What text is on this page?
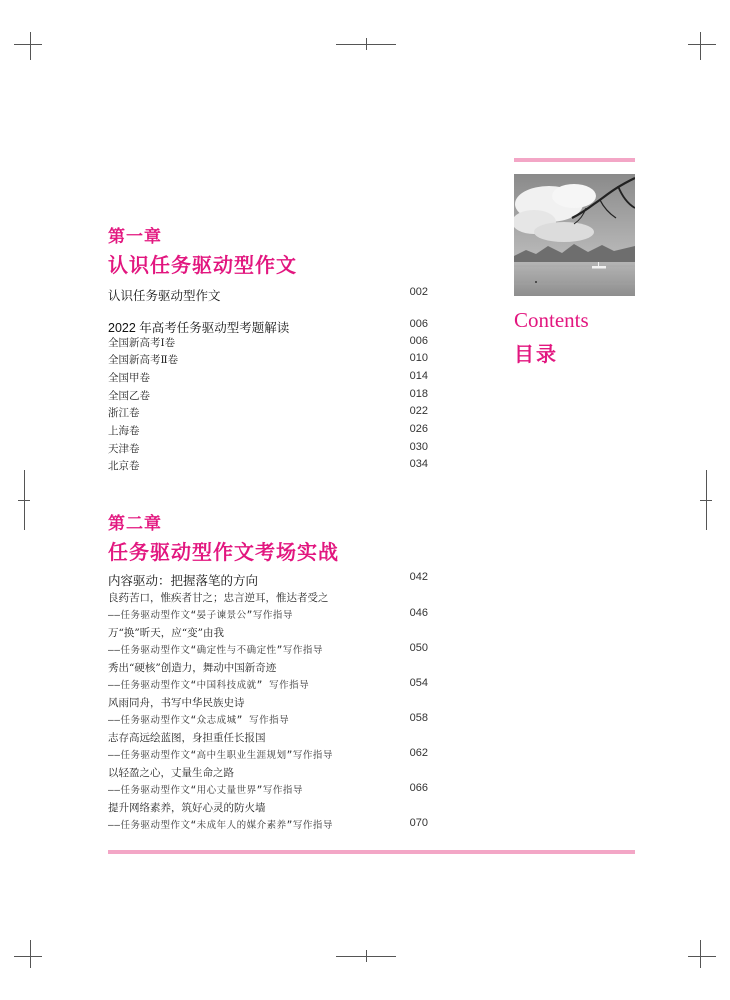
第一章
认识任务驱动型作文
认识任务驱动型作文	002
2022 年高考任务驱动型考题解读	006
全国新高考Ⅰ卷	006
全国新高考Ⅱ卷	010
全国甲卷	014
全国乙卷	018
浙江卷	022
上海卷	026
天津卷	030
北京卷	034
第二章
任务驱动型作文考场实战
内容驱动：把握落笔的方向	042
良药苦口，惟疾者甘之；忠言逆耳，惟达者受之
——任务驱动型作文“晏子谏景公”写作指导	046
万“换”昕天，应“变”由我
——任务驱动型作文“确定性与不确定性”写作指导	050
秀出“硬核”创造力，舞动中国新奇迹
——任务驱动型作文“中国科技成就” 写作指导	054
风雨同舟，书写中华民族史诗
——任务驱动型作文“众志成城” 写作指导	058
志存高远绘蓝图，身担重任长报国
——任务驱动型作文“高中生职业生涯规划”写作指导	062
以轻盈之心，丈量生命之路
——任务驱动型作文“用心丈量世界”写作指导	066
提升网络素养，筑好心灵的防火墙
——任务驱动型作文“未成年人的媒介素养”写作指导	070
Contents
目录
